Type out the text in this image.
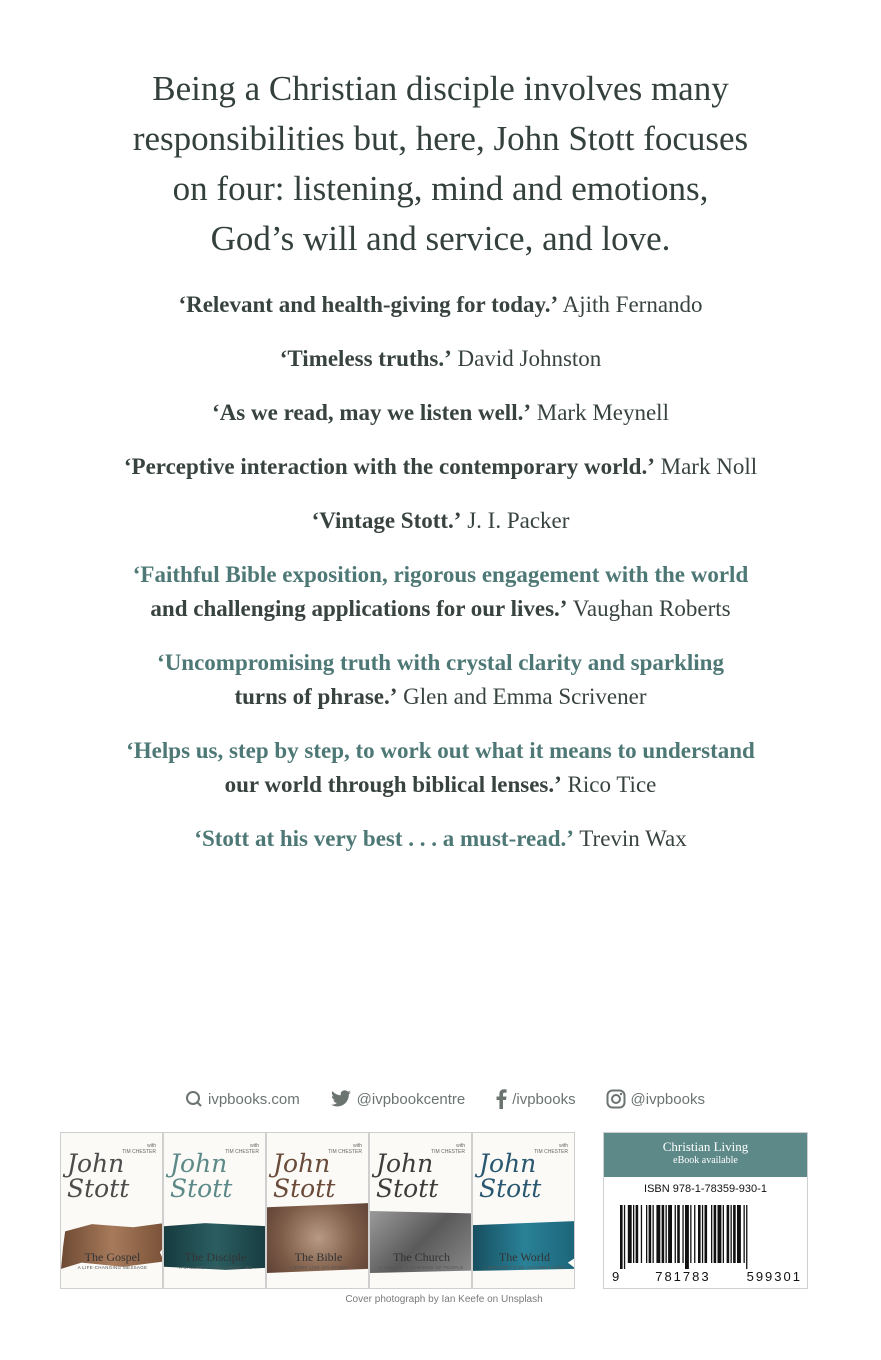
Being a Christian disciple involves many
responsibilities but, here, John Stott focuses
on four: listening, mind and emotions,
God’s will and service, and love.

‘Relevant and health-giving for today.’ Ajith Fernando

‘Timeless truths.’ David Johnston

‘As we read, may we listen well.’ Mark Meynell

‘Perceptive interaction with the contemporary world.’ Mark Noll

‘Vintage Stott.’ J. I. Packer

‘Faithful Bible exposition, rigorous engagement with the world
and challenging applications for our lives.’ Vaughan Roberts

‘Uncompromising truth with crystal clarity and sparkling
turns of phrase.’ Glen and Emma Scrivener

‘Helps us, step by step, to work out what it means to understand
our world through biblical lenses.’ Rico Tice

‘Stott at his very best . . . a must-read.’ Trevin Wax

ivpbooks.com	@ivpbookcentre	/ivpbooks	@ivpbooks
with
TIM CHESTER
John Stott
The Gospel
A LIFE-CHANGING MESSAGE
with
TIM CHESTER
John Stott
The Disciple
A CALLING TO BE CHRISTLIKE
with
TIM CHESTER
John Stott
The Bible
A BOOK LIKE NO OTHER
with
TIM CHESTER
John Stott
The Church
A UNIQUE GATHERING OF PEOPLE
with
TIM CHESTER
John Stott
The World
A MISSION TO BE ACCOMPLISHED
Cover photograph by Ian Keefe on Unsplash
Christian Living
eBook available
ISBN 978-1-78359-930-1
9	781783	599301
